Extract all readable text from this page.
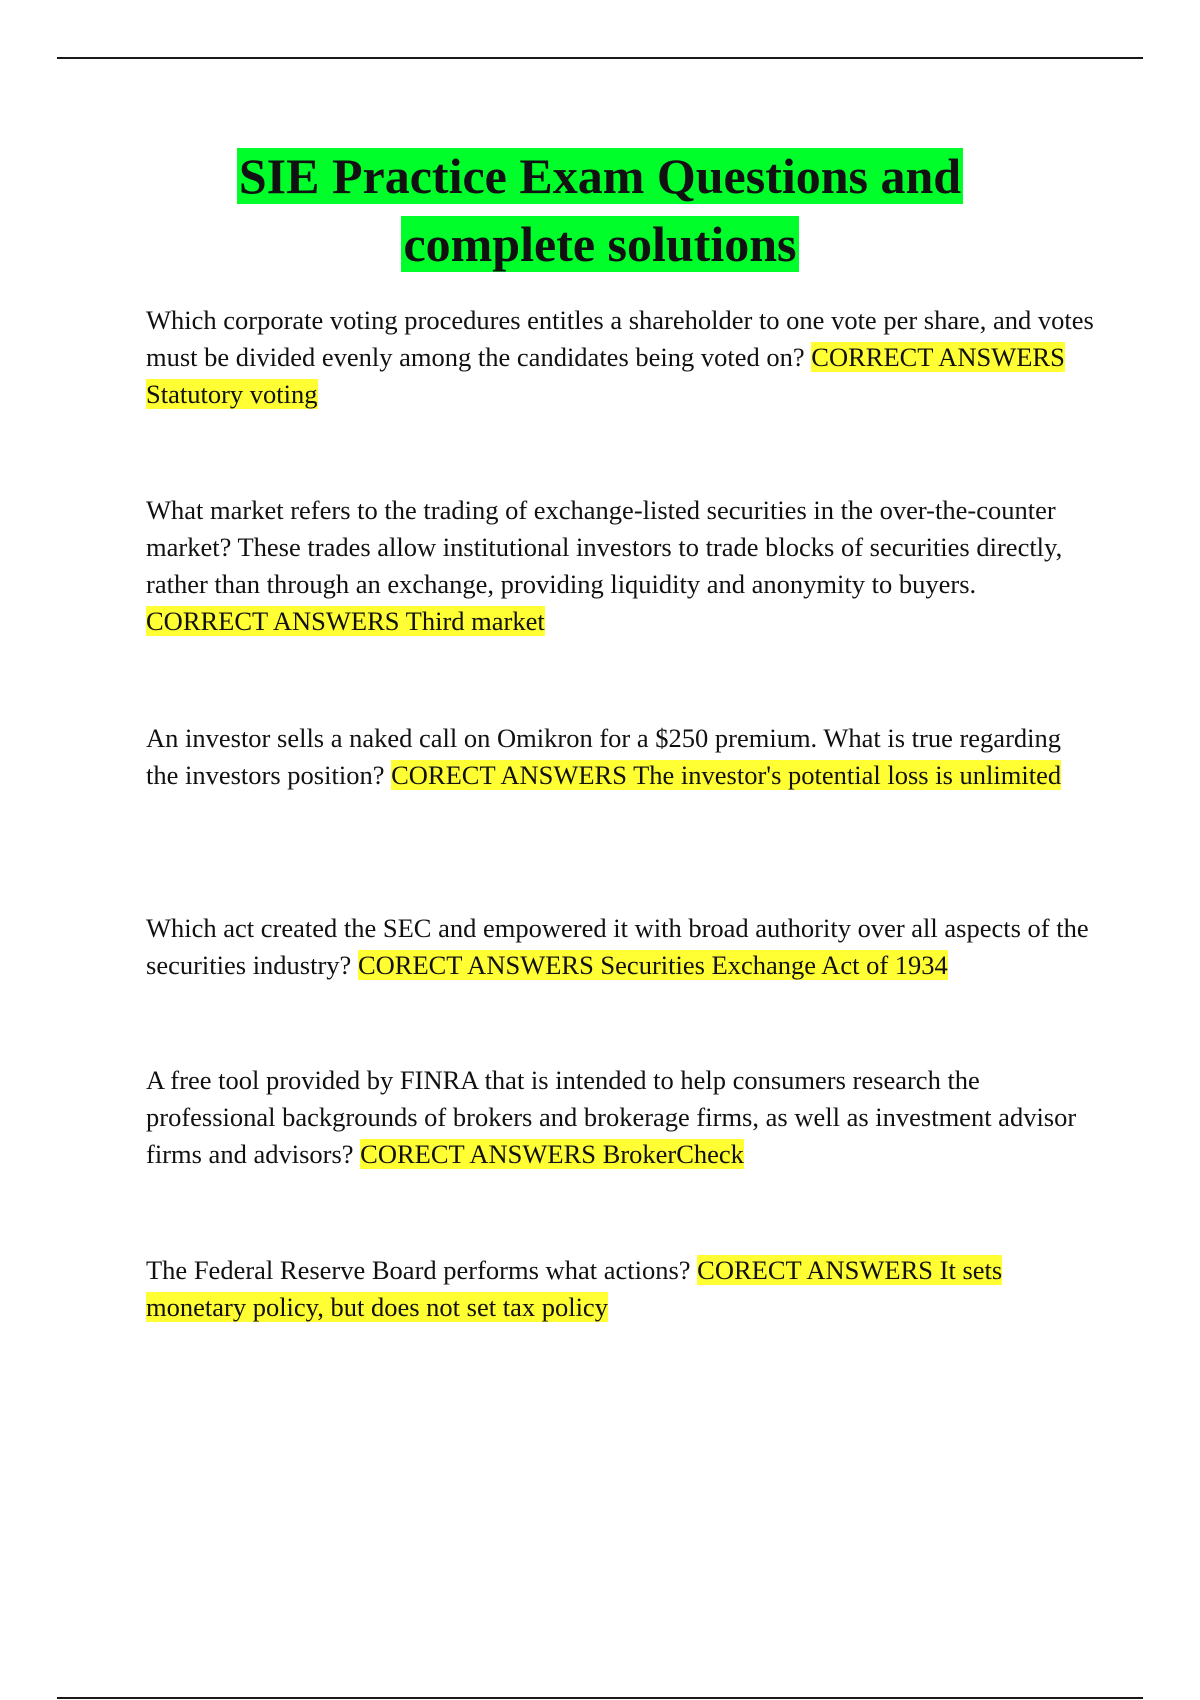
SIE Practice Exam Questions and
complete solutions
Which corporate voting procedures entitles a shareholder to one vote per share, and votes must be divided evenly among the candidates being voted on? CORRECT ANSWERS Statutory voting
What market refers to the trading of exchange-listed securities in the over-the-counter market? These trades allow institutional investors to trade blocks of securities directly, rather than through an exchange, providing liquidity and anonymity to buyers. CORRECT ANSWERS Third market
An investor sells a naked call on Omikron for a $250 premium. What is true regarding the investors position? CORECT ANSWERS The investor's potential loss is unlimited
Which act created the SEC and empowered it with broad authority over all aspects of the securities industry? CORECT ANSWERS Securities Exchange Act of 1934
A free tool provided by FINRA that is intended to help consumers research the professional backgrounds of brokers and brokerage firms, as well as investment advisor firms and advisors? CORECT ANSWERS BrokerCheck
The Federal Reserve Board performs what actions? CORECT ANSWERS It sets monetary policy, but does not set tax policy
